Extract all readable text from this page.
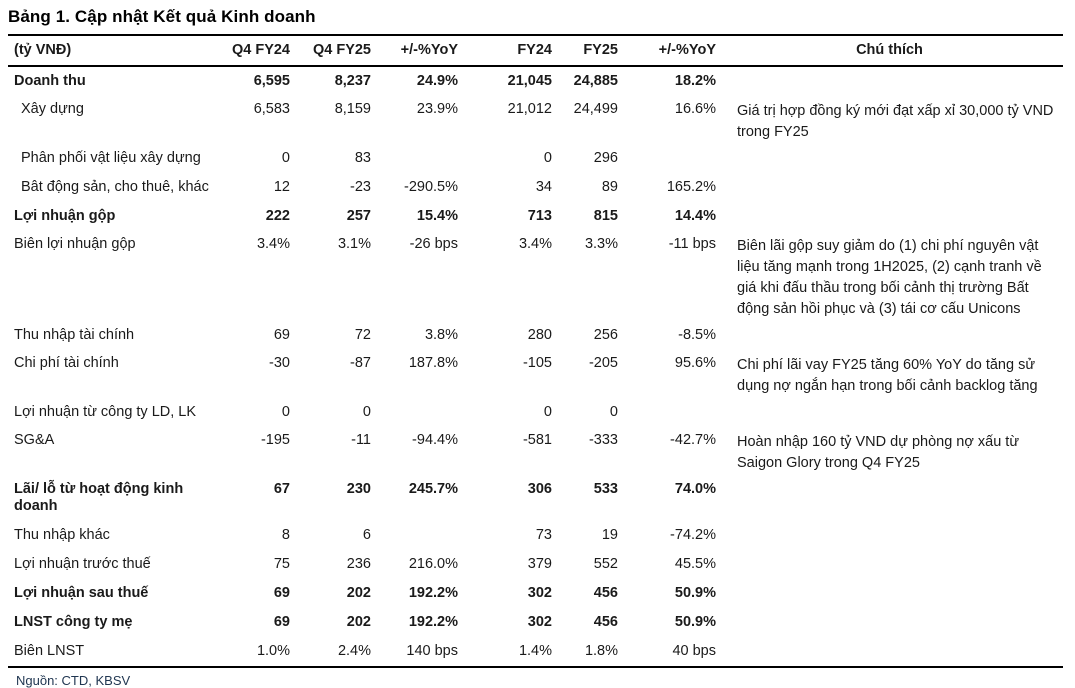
Bảng 1. Cập nhật Kết quả Kinh doanh
(tỷ VNĐ)	Q4 FY24	Q4 FY25	+/-%YoY	FY24	FY25	+/-%YoY	Chú thích
Doanh thu	6,595	8,237	24.9%	21,045	24,885	18.2%	
Xây dựng	6,583	8,159	23.9%	21,012	24,499	16.6%	Giá trị hợp đồng ký mới đạt xấp xỉ 30,000 tỷ VND trong FY25
Phân phối vật liệu xây dựng	0	83		0	296		
Bât động sản, cho thuê, khác	12	-23	-290.5%	34	89	165.2%	
Lợi nhuận gộp	222	257	15.4%	713	815	14.4%	
Biên lợi nhuận gộp	3.4%	3.1%	-26 bps	3.4%	3.3%	-11 bps	Biên lãi gộp suy giảm do (1) chi phí nguyên vật liệu tăng mạnh trong 1H2025, (2) cạnh tranh về giá khi đấu thầu trong bối cảnh thị trường Bất động sản hồi phục và (3) tái cơ cấu Unicons
Thu nhập tài chính	69	72	3.8%	280	256	-8.5%	
Chi phí tài chính	-30	-87	187.8%	-105	-205	95.6%	Chi phí lãi vay FY25 tăng 60% YoY do tăng sử dụng nợ ngắn hạn trong bối cảnh backlog tăng
Lợi nhuận từ công ty LD, LK	0	0		0	0		
SG&A	-195	-11	-94.4%	-581	-333	-42.7%	Hoàn nhập 160 tỷ VND dự phòng nợ xấu từ Saigon Glory trong Q4 FY25
Lãi/ lỗ từ hoạt động kinh doanh	67	230	245.7%	306	533	74.0%	
Thu nhập khác	8	6		73	19	-74.2%	
Lợi nhuận trước thuế	75	236	216.0%	379	552	45.5%	
Lợi nhuận sau thuế	69	202	192.2%	302	456	50.9%	
LNST công ty mẹ	69	202	192.2%	302	456	50.9%	
Biên LNST	1.0%	2.4%	140 bps	1.4%	1.8%	40 bps	
Nguồn: CTD, KBSV
